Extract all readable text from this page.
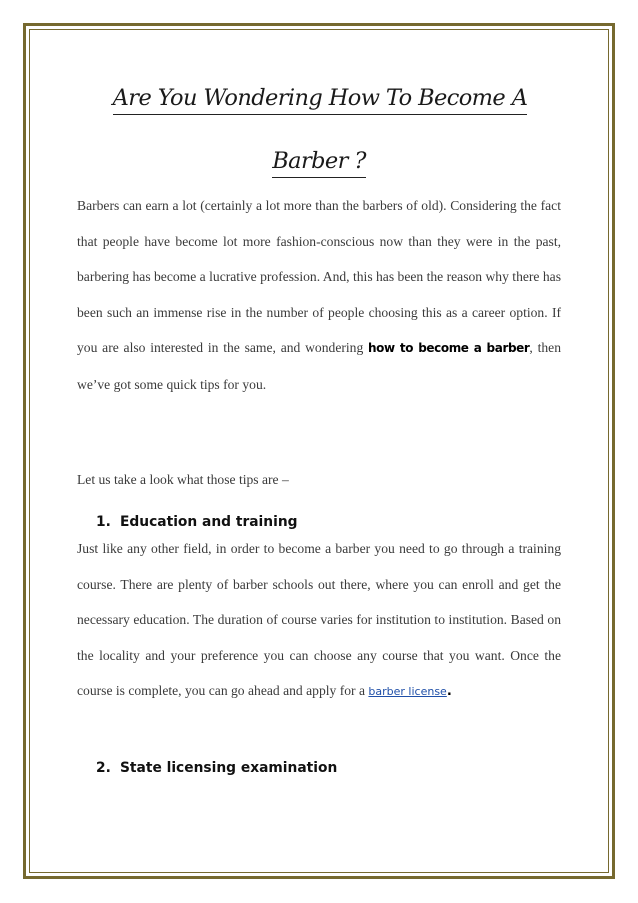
Are You Wondering How To Become A
Barber ?

Barbers can earn a lot (certainly a lot more than the barbers of old). Considering the fact that people have become lot more fashion-conscious now than they were in the past, barbering has become a lucrative profession. And, this has been the reason why there has been such an immense rise in the number of people choosing this as a career option. If you are also interested in the same, and wondering how to become a barber, then we’ve got some quick tips for you.

Let us take a look what those tips are –

1. Education and training

Just like any other field, in order to become a barber you need to go through a training course. There are plenty of barber schools out there, where you can enroll and get the necessary education. The duration of course varies for institution to institution. Based on the locality and your preference you can choose any course that you want. Once the course is complete, you can go ahead and apply for a barber license.

2. State licensing examination
